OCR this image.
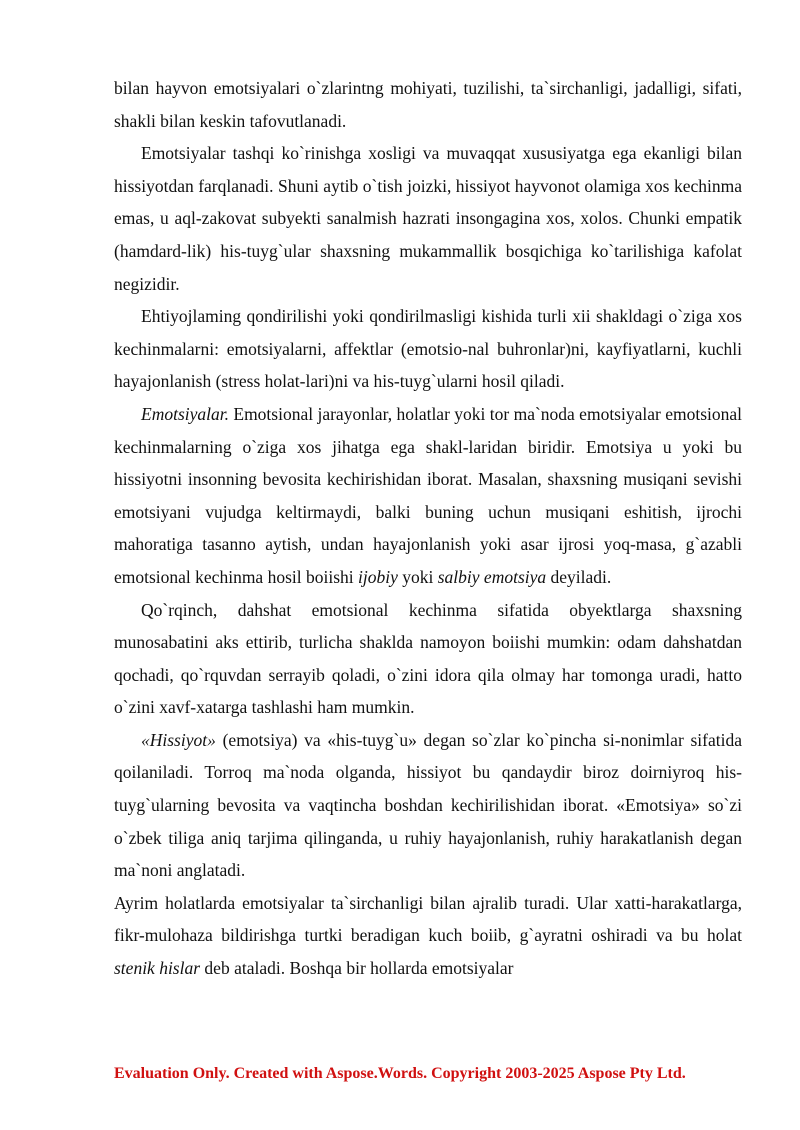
bilan hayvon emotsiyalari o`zlarintng mohiyati, tuzilishi, ta`sirchanligi, jadalligi, sifati, shakli bilan keskin tafovutlanadi.

Emotsiyalar tashqi ko`rinishga xosligi va muvaqqat xususiyatga ega ekanligi bilan hissiyotdan farqlanadi. Shuni aytib o`tish joizki, hissiyot hayvonot olamiga xos kechinma emas, u aql-zakovat subyekti sanalmish hazrati insongagina xos, xolos. Chunki empatik (hamdard-lik) his-tuyg`ular shaxsning mukammallik bosqichiga ko`tarilishiga kafolat negizidir.

Ehtiyojlaming qondirilishi yoki qondirilmasligi kishida turli xii shakldagi o`ziga xos kechinmalarni: emotsiyalarni, affektlar (emotsio-nal buhronlar)ni, kayfiyatlarni, kuchli hayajonlanish (stress holat-lari)ni va his-tuyg`ularni hosil qiladi.

Emotsiyalar. Emotsional jarayonlar, holatlar yoki tor ma`noda emotsiyalar emotsional kechinmalarning o`ziga xos jihatga ega shakl-laridan biridir. Emotsiya u yoki bu hissiyotni insonning bevosita kechirishidan iborat. Masalan, shaxsning musiqani sevishi emotsiyani vujudga keltirmaydi, balki buning uchun musiqani eshitish, ijrochi mahoratiga tasanno aytish, undan hayajonlanish yoki asar ijrosi yoq-masa, g`azabli emotsional kechinma hosil boiishi ijobiy yoki salbiy emotsiya deyiladi.

Qo`rqinch, dahshat emotsional kechinma sifatida obyektlarga shaxsning munosabatini aks ettirib, turlicha shaklda namoyon boiishi mumkin: odam dahshatdan qochadi, qo`rquvdan serrayib qoladi, o`zini idora qila olmay har tomonga uradi, hatto o`zini xavf-xatarga tashlashi ham mumkin.

«Hissiyot» (emotsiya) va «his-tuyg`u» degan so`zlar ko`pincha si-nonimlar sifatida qoilaniladi. Torroq ma`noda olganda, hissiyot bu qandaydir biroz doirniyroq his-tuyg`ularning bevosita va vaqtincha boshdan kechirilishidan iborat. «Emotsiya» so`zi o`zbek tiliga aniq tarjima qilinganda, u ruhiy hayajonlanish, ruhiy harakatlanish degan ma`noni anglatadi.

Ayrim holatlarda emotsiyalar ta`sirchanligi bilan ajralib turadi. Ular xatti-harakatlarga, fikr-mulohaza bildirishga turtki beradigan kuch boiib, g`ayratni oshiradi va bu holat stenik hislar deb ataladi. Boshqa bir hollarda emotsiyalar

Evaluation Only. Created with Aspose.Words. Copyright 2003-2025 Aspose Pty Ltd.
